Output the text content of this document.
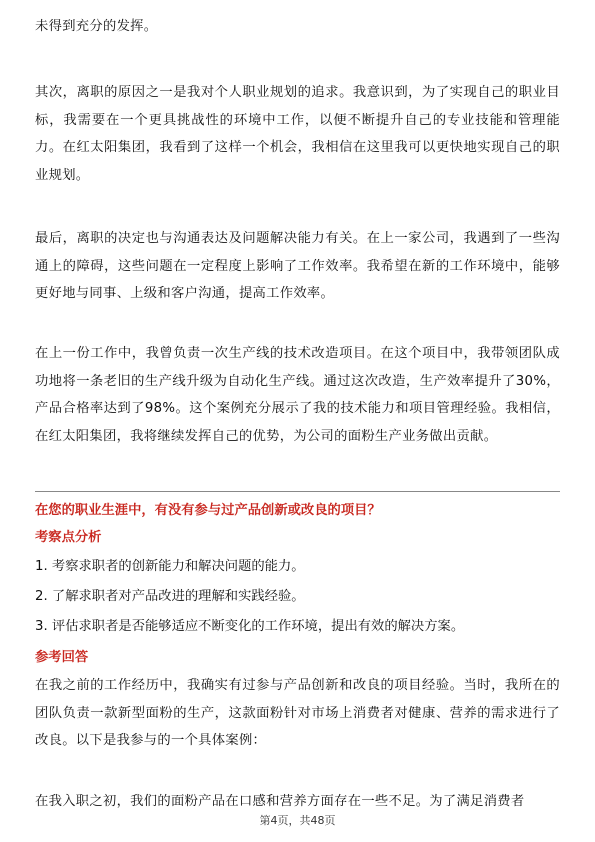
未得到充分的发挥。

其次，离职的原因之一是我对个人职业规划的追求。我意识到，为了实现自己的职业目标，我需要在一个更具挑战性的环境中工作，以便不断提升自己的专业技能和管理能力。在红太阳集团，我看到了这样一个机会，我相信在这里我可以更快地实现自己的职业规划。

最后，离职的决定也与沟通表达及问题解决能力有关。在上一家公司，我遇到了一些沟通上的障碍，这些问题在一定程度上影响了工作效率。我希望在新的工作环境中，能够更好地与同事、上级和客户沟通，提高工作效率。

在上一份工作中，我曾负责一次生产线的技术改造项目。在这个项目中，我带领团队成功地将一条老旧的生产线升级为自动化生产线。通过这次改造，生产效率提升了30%，产品合格率达到了98%。这个案例充分展示了我的技术能力和项目管理经验。我相信，在红太阳集团，我将继续发挥自己的优势，为公司的面粉生产业务做出贡献。

在您的职业生涯中，有没有参与过产品创新或改良的项目？

考察点分析

1. 考察求职者的创新能力和解决问题的能力。

2. 了解求职者对产品改进的理解和实践经验。

3. 评估求职者是否能够适应不断变化的工作环境，提出有效的解决方案。

参考回答

在我之前的工作经历中，我确实有过参与产品创新和改良的项目经验。当时，我所在的团队负责一款新型面粉的生产，这款面粉针对市场上消费者对健康、营养的需求进行了改良。以下是我参与的一个具体案例：

在我入职之初，我们的面粉产品在口感和营养方面存在一些不足。为了满足消费者

第4页，共48页
